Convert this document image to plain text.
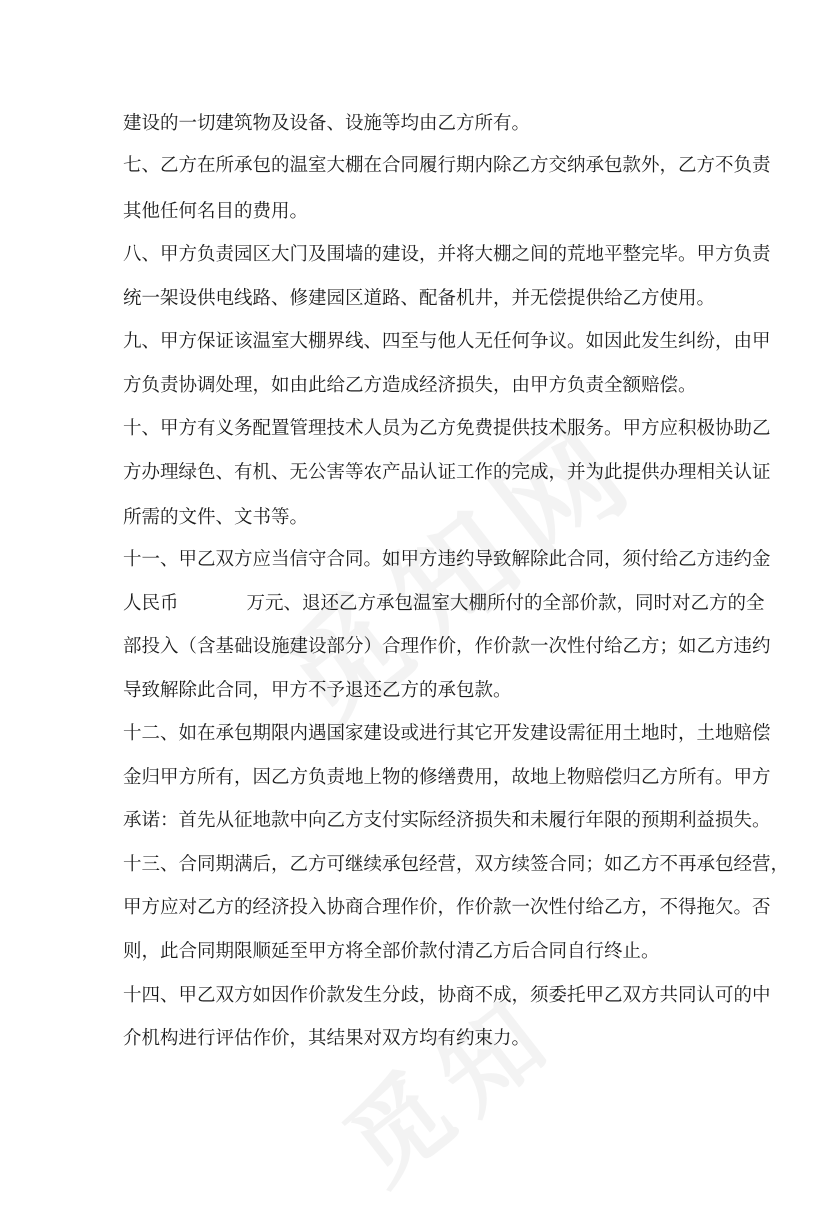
建设的一切建筑物及设备、设施等均由乙方所有。
七、乙方在所承包的温室大棚在合同履行期内除乙方交纳承包款外，乙方不负责
其他任何名目的费用。
八、甲方负责园区大门及围墙的建设，并将大棚之间的荒地平整完毕。甲方负责
统一架设供电线路、修建园区道路、配备机井，并无偿提供给乙方使用。
九、甲方保证该温室大棚界线、四至与他人无任何争议。如因此发生纠纷，由甲
方负责协调处理，如由此给乙方造成经济损失，由甲方负责全额赔偿。
十、甲方有义务配置管理技术人员为乙方免费提供技术服务。甲方应积极协助乙
方办理绿色、有机、无公害等农产品认证工作的完成，并为此提供办理相关认证
所需的文件、文书等。
十一、甲乙双方应当信守合同。如甲方违约导致解除此合同，须付给乙方违约金
人民币	万元、退还乙方承包温室大棚所付的全部价款，同时对乙方的全
部投入（含基础设施建设部分）合理作价，作价款一次性付给乙方；如乙方违约
导致解除此合同，甲方不予退还乙方的承包款。
十二、如在承包期限内遇国家建设或进行其它开发建设需征用土地时，土地赔偿
金归甲方所有，因乙方负责地上物的修缮费用，故地上物赔偿归乙方所有。甲方
承诺：首先从征地款中向乙方支付实际经济损失和未履行年限的预期利益损失。
十三、合同期满后，乙方可继续承包经营，双方续签合同；如乙方不再承包经营，
甲方应对乙方的经济投入协商合理作价，作价款一次性付给乙方，不得拖欠。否
则，此合同期限顺延至甲方将全部价款付清乙方后合同自行终止。
十四、甲乙双方如因作价款发生分歧，协商不成，须委托甲乙双方共同认可的中
介机构进行评估作价，其结果对双方均有约束力。
